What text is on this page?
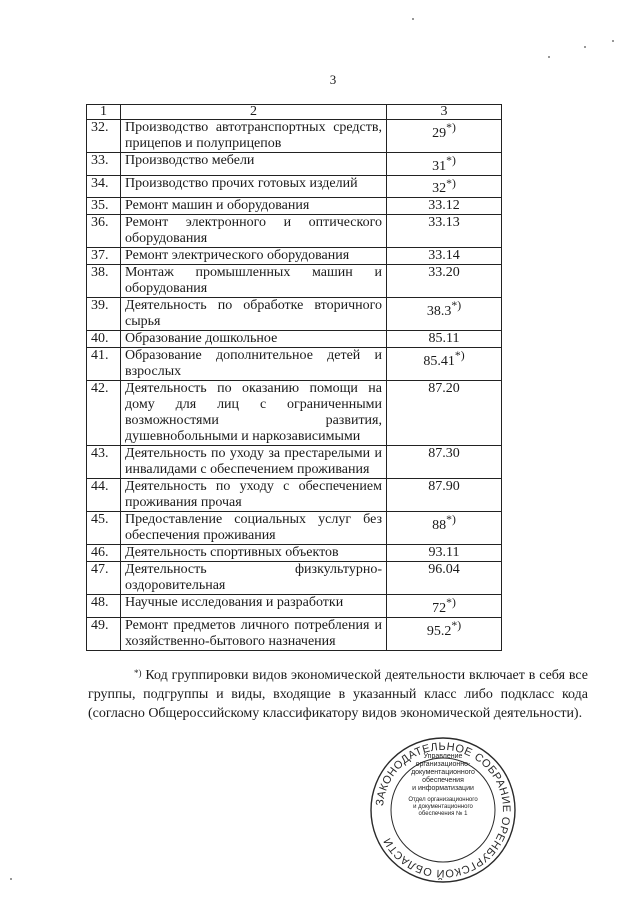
3
1	2	3
32.	Производство автотранспортных средств, прицепов и полуприцепов	29*)
33.	Производство мебели	31*)
34.	Производство прочих готовых изделий	32*)
35.	Ремонт машин и оборудования	33.12
36.	Ремонт электронного и оптического оборудования	33.13
37.	Ремонт электрического оборудования	33.14
38.	Монтаж промышленных машин и оборудования	33.20
39.	Деятельность по обработке вторичного сырья	38.3*)
40.	Образование дошкольное	85.11
41.	Образование дополнительное детей и взрослых	85.41*)
42.	Деятельность по оказанию помощи на дому для лиц с ограниченными возможностями развития, душевнобольными и наркозависимыми	87.20
43.	Деятельность по уходу за престарелыми и инвалидами с обеспечением проживания	87.30
44.	Деятельность по уходу с обеспечением проживания прочая	87.90
45.	Предоставление социальных услуг без обеспечения проживания	88*)
46.	Деятельность спортивных объектов	93.11
47.	Деятельность физкультурно-оздоровительная	96.04
48.	Научные исследования и разработки	72*)
49.	Ремонт предметов личного потребления и хозяйственно-бытового назначения	95.2*)
*) Код группировки видов экономической деятельности включает в себя все группы, подгруппы и виды, входящие в указанный класс либо подкласс кода (согласно Общероссийскому классификатору видов экономической деятельности).
ЗАКОНОДАТЕЛЬНОЕ СОБРАНИЕ ОРЕНБУРГСКОЙ ОБЛАСТИ

Управление

организационно-

документационного

обеспечения

и информатизации

Отдел организационного

и документационного

обеспечения № 1
